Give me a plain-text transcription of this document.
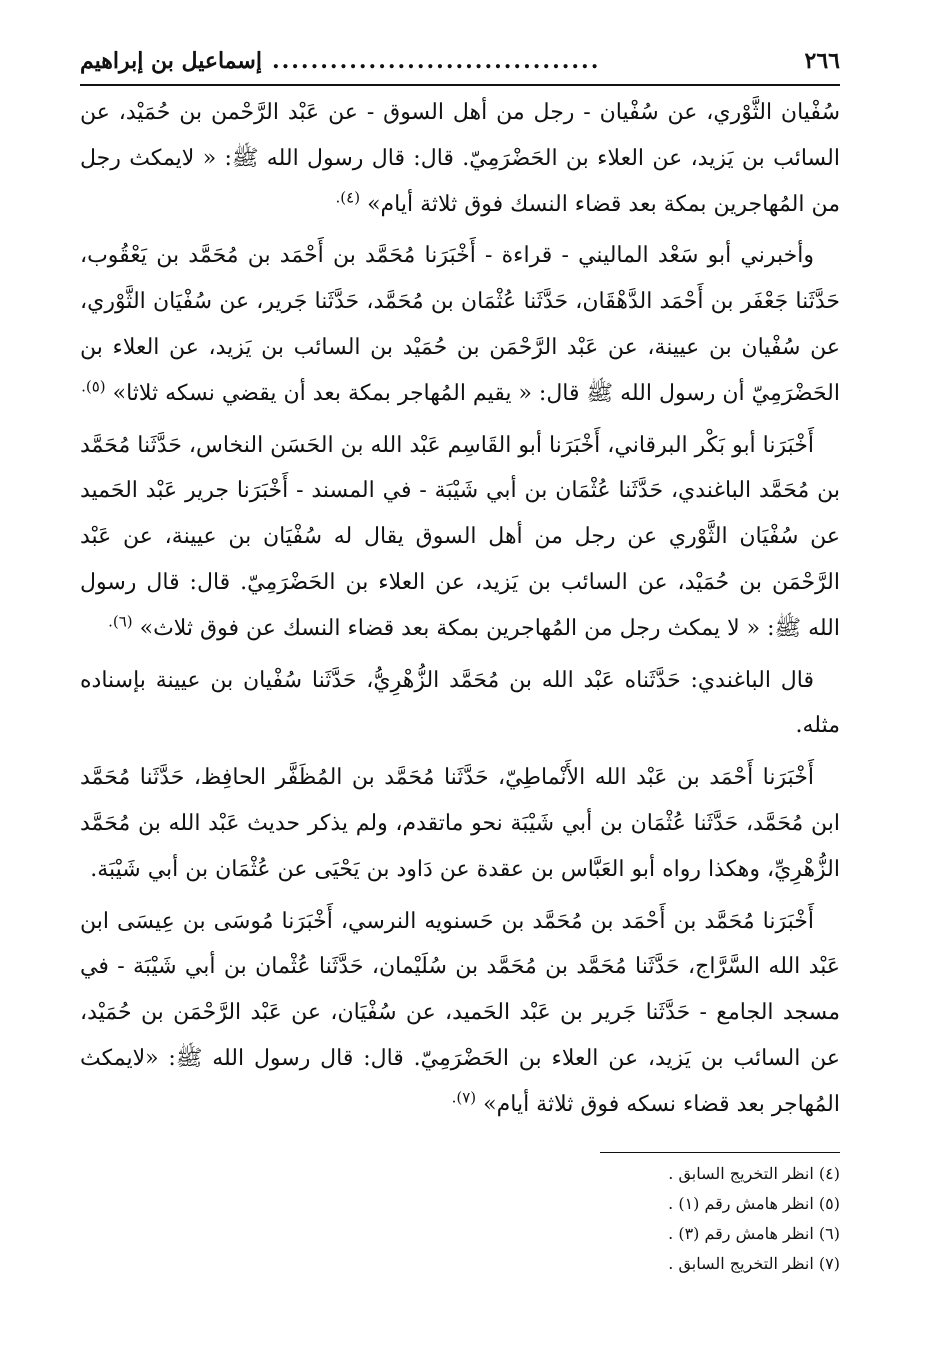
٢٦٦
..................................
إسماعيل بن إبراهيم

سُفْيان الثَّوْري، عن سُفْيان - رجل من أهل السوق - عن عَبْد الرَّحْمن بن حُمَيْد، عن السائب بن يَزيد، عن العلاء بن الحَضْرَمِيّ. قال: قال رسول الله ﷺ: « لايمكث رجل من المُهاجرين بمكة بعد قضاء النسك فوق ثلاثة أيام» $^{(٤).}$

وأخبرني أبو سَعْد الماليني - قراءة - أَخْبَرَنا مُحَمَّد بن أَحْمَد بن مُحَمَّد بن يَعْقُوب، حَدَّثَنا جَعْفَر بن أَحْمَد الدَّهْقَان، حَدَّثَنا عُثْمَان بن مُحَمَّد، حَدَّثَنا جَرير، عن سُفْيَان الثَّوْري، عن سُفْيان بن عيينة، عن عَبْد الرَّحْمَن بن حُمَيْد بن السائب بن يَزيد، عن العلاء بن الحَضْرَمِيّ أن رسول الله ﷺ قال: « يقيم المُهاجر بمكة بعد أن يقضي نسكه ثلاثا» $^{(٥).}$

أَخْبَرَنا أبو بَكْر البرقاني، أَخْبَرَنا أبو القَاسِم عَبْد الله بن الحَسَن النخاس، حَدَّثَنا مُحَمَّد بن مُحَمَّد الباغندي، حَدَّثَنا عُثْمَان بن أبي شَيْبَة - في المسند - أَخْبَرَنا جرير عَبْد الحَميد عن سُفْيَان الثَّوْري عن رجل من أهل السوق يقال له سُفْيَان بن عيينة، عن عَبْد الرَّحْمَن بن حُمَيْد، عن السائب بن يَزيد، عن العلاء بن الحَضْرَمِيّ. قال: قال رسول الله ﷺ: « لا يمكث رجل من المُهاجرين بمكة بعد قضاء النسك عن فوق ثلاث» $^{(٦).}$

قال الباغندي: حَدَّثَناه عَبْد الله بن مُحَمَّد الزُّهْرِيُّ، حَدَّثَنا سُفْيان بن عيينة بإسناده مثله.

أَخْبَرَنا أَحْمَد بن عَبْد الله الأَنْماطِيّ، حَدَّثَنا مُحَمَّد بن المُظَفَّر الحافِظ، حَدَّثَنا مُحَمَّد ابن مُحَمَّد، حَدَّثَنا عُثْمَان بن أبي شَيْبَة نحو ماتقدم، ولم يذكر حديث عَبْد الله بن مُحَمَّد الزُّهْرِيِّ، وهكذا رواه أبو العَبَّاس بن عقدة عن دَاود بن يَحْيَى عن عُثْمَان بن أبي شَيْبَة.

أَخْبَرَنا مُحَمَّد بن أَحْمَد بن مُحَمَّد بن حَسنويه النرسي، أَخْبَرَنا مُوسَى بن عِيسَى ابن عَبْد الله السَّرَّاج، حَدَّثَنا مُحَمَّد بن مُحَمَّد بن سُلَيْمان، حَدَّثَنا عُثْمان بن أبي شَيْبَة - في مسجد الجامع - حَدَّثَنا جَرير بن عَبْد الحَميد، عن سُفْيَان، عن عَبْد الرَّحْمَن بن حُمَيْد، عن السائب بن يَزيد، عن العلاء بن الحَضْرَمِيّ. قال: قال رسول الله ﷺ: «لايمكث المُهاجر بعد قضاء نسكه فوق ثلاثة أيام» $^{(٧).}$

(٤) انظر التخريج السابق .
(٥) انظر هامش رقم (١) .
(٦) انظر هامش رقم (٣) .
(٧) انظر التخريج السابق .
